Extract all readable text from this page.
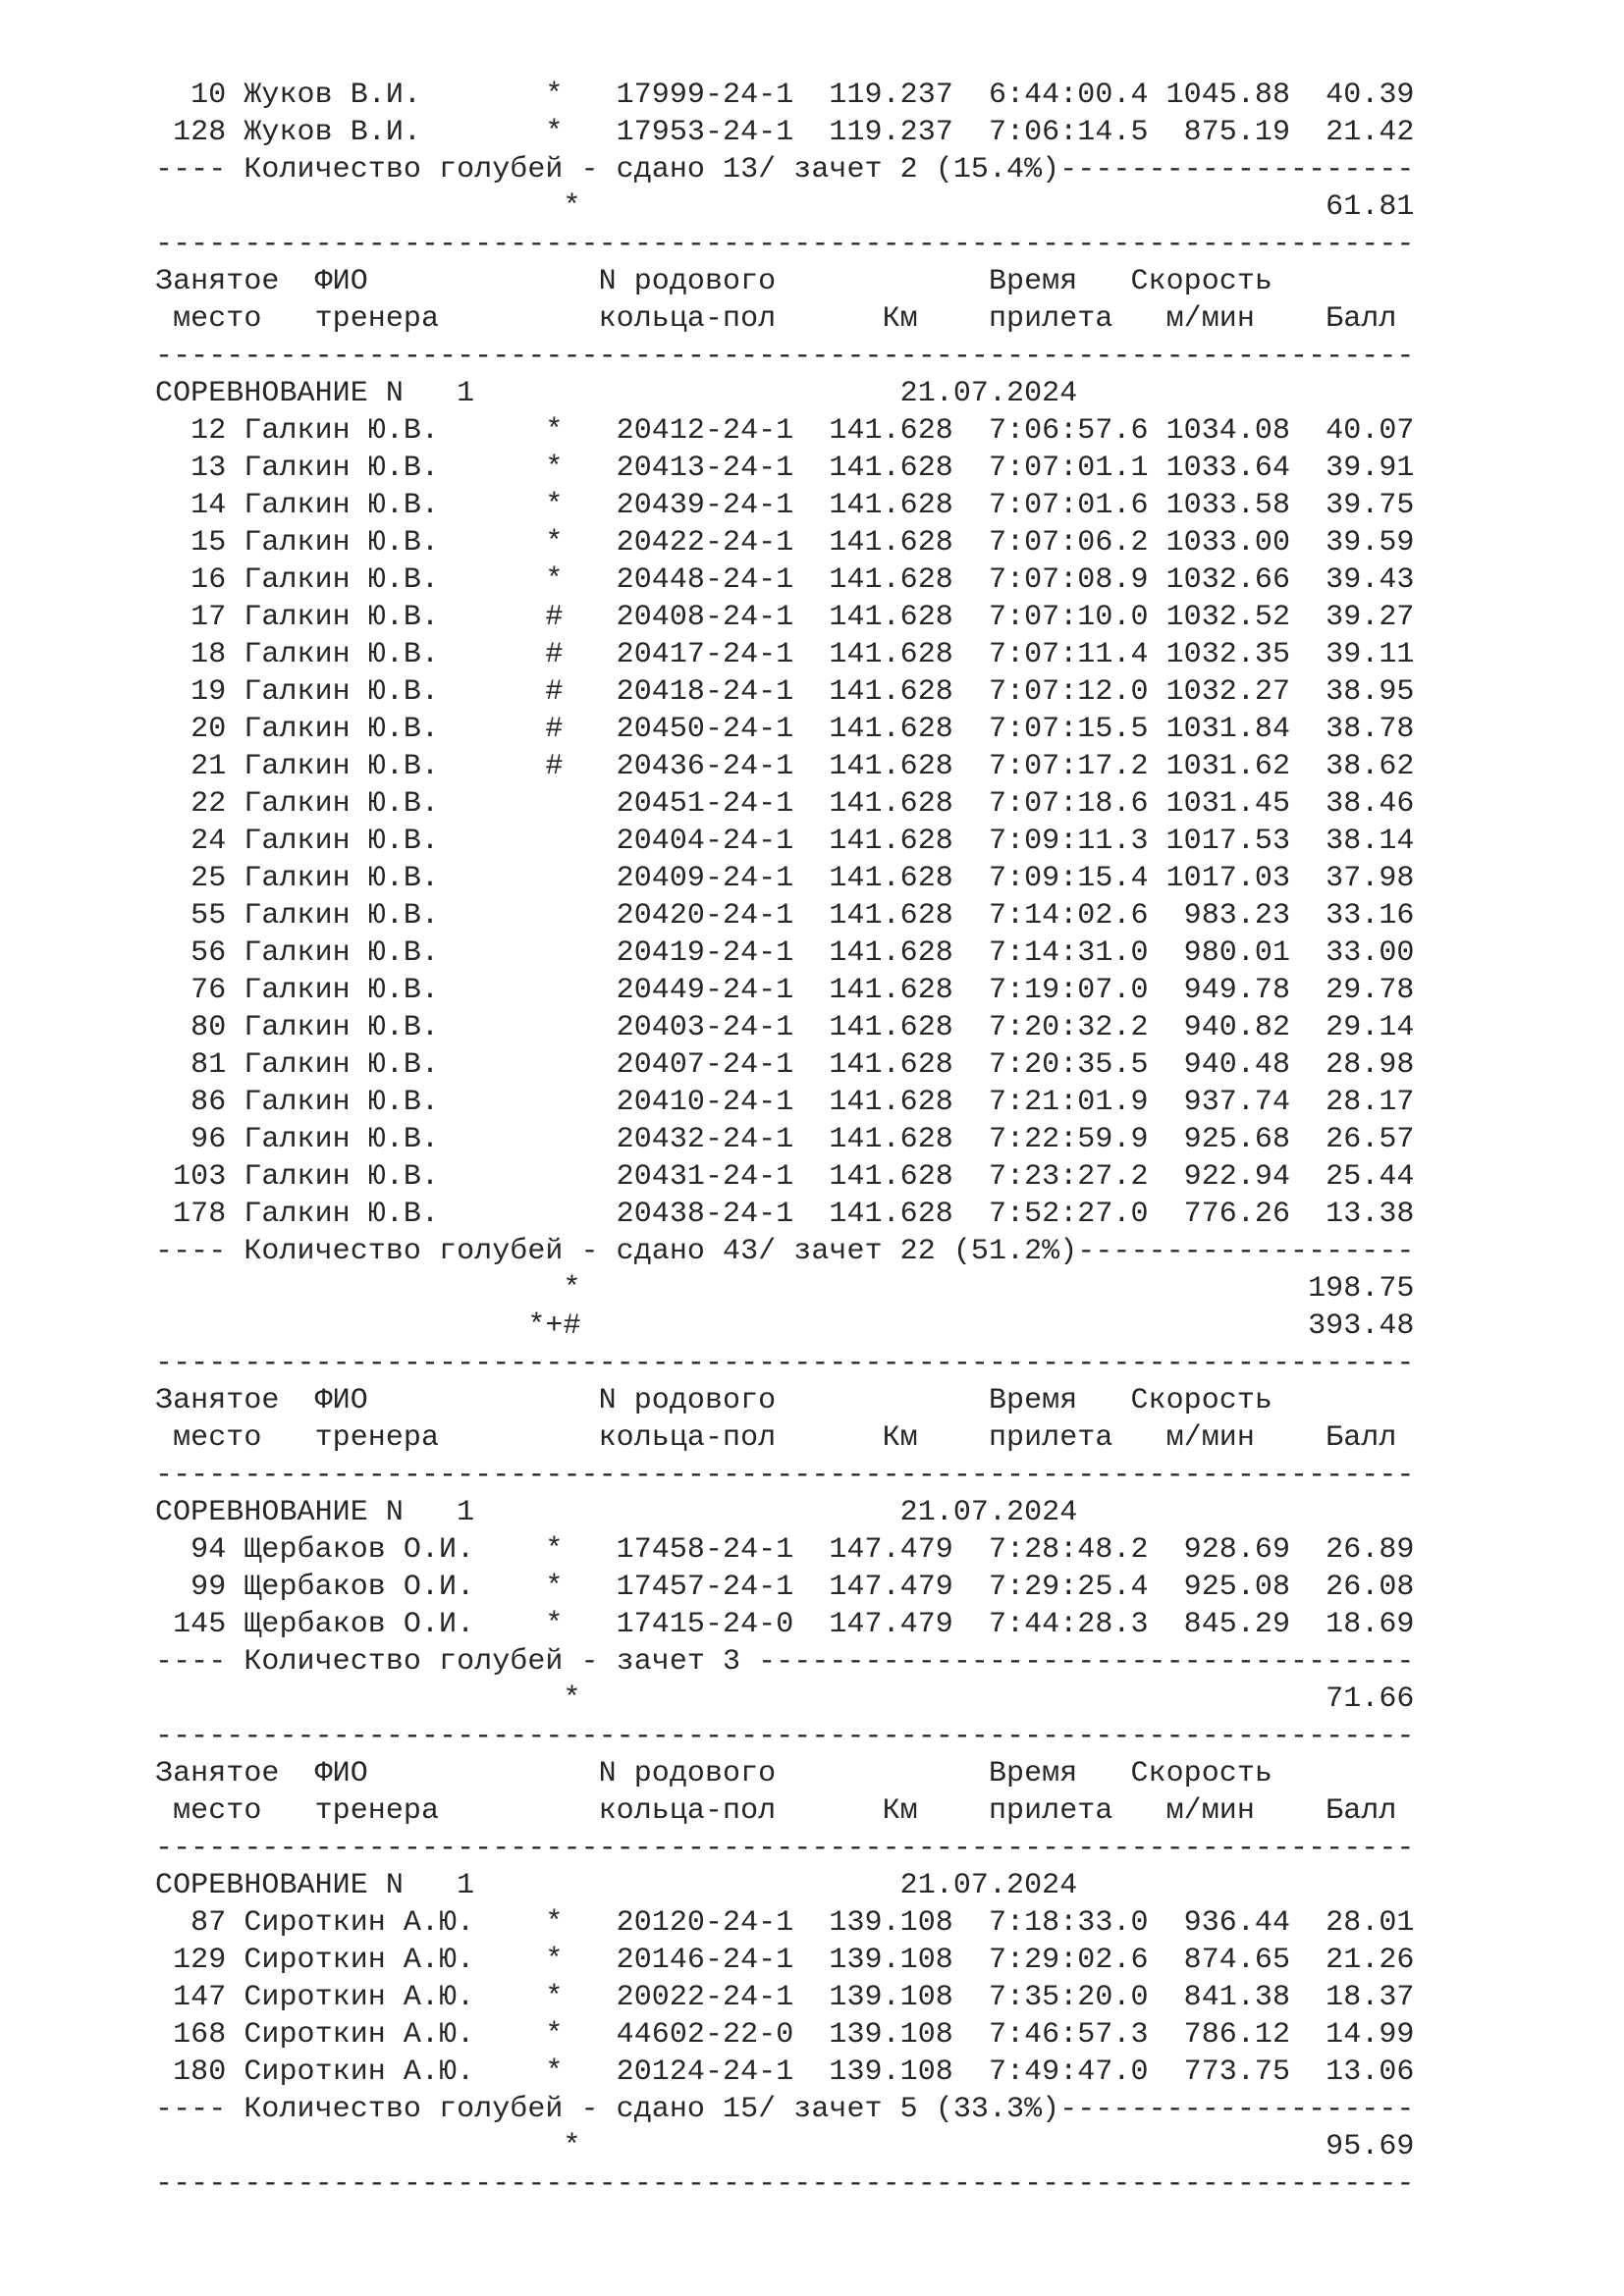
10 Жуков В.И.       *   17999-24-1  119.237  6:44:00.4 1045.88  40.39
128 Жуков В.И.       *   17953-24-1  119.237  7:06:14.5  875.19  21.42
---- Количество голубей - сдано 13/ зачет 2 (15.4%)--------------------
*                                          61.81
-----------------------------------------------------------------------
Занятое  ФИО             N родового            Время   Скорость
место   тренера         кольца-пол      Км    прилета   м/мин    Балл
-----------------------------------------------------------------------
СОРЕВНОВАНИЕ N   1                        21.07.2024
12 Галкин Ю.В.      *   20412-24-1  141.628  7:06:57.6 1034.08  40.07
13 Галкин Ю.В.      *   20413-24-1  141.628  7:07:01.1 1033.64  39.91
14 Галкин Ю.В.      *   20439-24-1  141.628  7:07:01.6 1033.58  39.75
15 Галкин Ю.В.      *   20422-24-1  141.628  7:07:06.2 1033.00  39.59
16 Галкин Ю.В.      *   20448-24-1  141.628  7:07:08.9 1032.66  39.43
17 Галкин Ю.В.      #   20408-24-1  141.628  7:07:10.0 1032.52  39.27
18 Галкин Ю.В.      #   20417-24-1  141.628  7:07:11.4 1032.35  39.11
19 Галкин Ю.В.      #   20418-24-1  141.628  7:07:12.0 1032.27  38.95
20 Галкин Ю.В.      #   20450-24-1  141.628  7:07:15.5 1031.84  38.78
21 Галкин Ю.В.      #   20436-24-1  141.628  7:07:17.2 1031.62  38.62
22 Галкин Ю.В.          20451-24-1  141.628  7:07:18.6 1031.45  38.46
24 Галкин Ю.В.          20404-24-1  141.628  7:09:11.3 1017.53  38.14
25 Галкин Ю.В.          20409-24-1  141.628  7:09:15.4 1017.03  37.98
55 Галкин Ю.В.          20420-24-1  141.628  7:14:02.6  983.23  33.16
56 Галкин Ю.В.          20419-24-1  141.628  7:14:31.0  980.01  33.00
76 Галкин Ю.В.          20449-24-1  141.628  7:19:07.0  949.78  29.78
80 Галкин Ю.В.          20403-24-1  141.628  7:20:32.2  940.82  29.14
81 Галкин Ю.В.          20407-24-1  141.628  7:20:35.5  940.48  28.98
86 Галкин Ю.В.          20410-24-1  141.628  7:21:01.9  937.74  28.17
96 Галкин Ю.В.          20432-24-1  141.628  7:22:59.9  925.68  26.57
103 Галкин Ю.В.          20431-24-1  141.628  7:23:27.2  922.94  25.44
178 Галкин Ю.В.          20438-24-1  141.628  7:52:27.0  776.26  13.38
---- Количество голубей - сдано 43/ зачет 22 (51.2%)-------------------
*                                         198.75
*+#                                         393.48
-----------------------------------------------------------------------
Занятое  ФИО             N родового            Время   Скорость
место   тренера         кольца-пол      Км    прилета   м/мин    Балл
-----------------------------------------------------------------------
СОРЕВНОВАНИЕ N   1                        21.07.2024
94 Щербаков О.И.    *   17458-24-1  147.479  7:28:48.2  928.69  26.89
99 Щербаков О.И.    *   17457-24-1  147.479  7:29:25.4  925.08  26.08
145 Щербаков О.И.    *   17415-24-0  147.479  7:44:28.3  845.29  18.69
---- Количество голубей - зачет 3 -------------------------------------
*                                          71.66
-----------------------------------------------------------------------
Занятое  ФИО             N родового            Время   Скорость
место   тренера         кольца-пол      Км    прилета   м/мин    Балл
-----------------------------------------------------------------------
СОРЕВНОВАНИЕ N   1                        21.07.2024
87 Сироткин А.Ю.    *   20120-24-1  139.108  7:18:33.0  936.44  28.01
129 Сироткин А.Ю.    *   20146-24-1  139.108  7:29:02.6  874.65  21.26
147 Сироткин А.Ю.    *   20022-24-1  139.108  7:35:20.0  841.38  18.37
168 Сироткин А.Ю.    *   44602-22-0  139.108  7:46:57.3  786.12  14.99
180 Сироткин А.Ю.    *   20124-24-1  139.108  7:49:47.0  773.75  13.06
---- Количество голубей - сдано 15/ зачет 5 (33.3%)--------------------
*                                          95.69
-----------------------------------------------------------------------
